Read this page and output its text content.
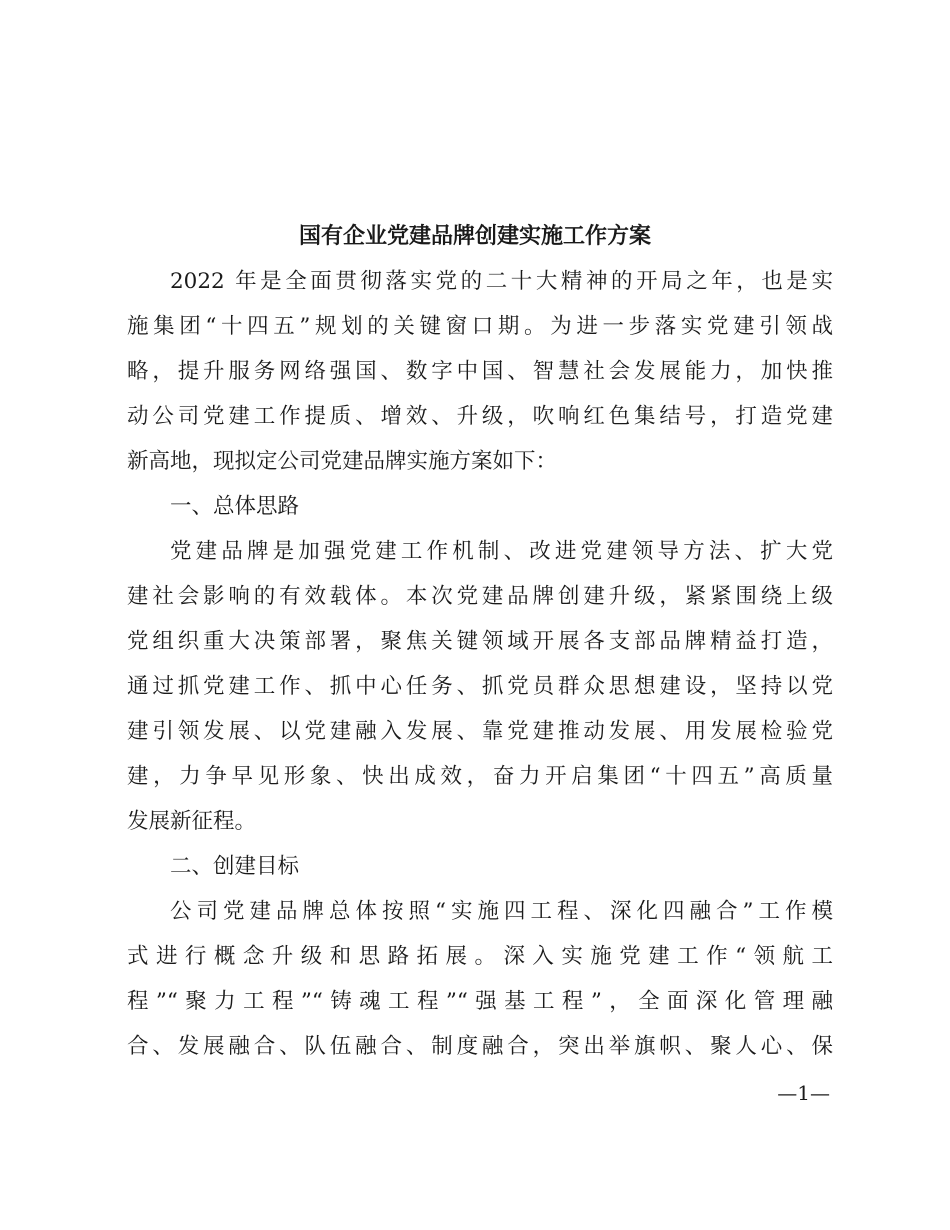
国有企业党建品牌创建实施工作方案
2022 年是全面贯彻落实党的二十大精神的开局之年，也是实
施集团“十四五”规划的关键窗口期。为进一步落实党建引领战
略，提升服务网络强国、数字中国、智慧社会发展能力，加快推
动公司党建工作提质、增效、升级，吹响红色集结号，打造党建
新高地，现拟定公司党建品牌实施方案如下：
一、总体思路
党建品牌是加强党建工作机制、改进党建领导方法、扩大党
建社会影响的有效载体。本次党建品牌创建升级，紧紧围绕上级
党组织重大决策部署，聚焦关键领域开展各支部品牌精益打造，
通过抓党建工作、抓中心任务、抓党员群众思想建设，坚持以党
建引领发展、以党建融入发展、靠党建推动发展、用发展检验党
建，力争早见形象、快出成效，奋力开启集团“十四五”高质量
发展新征程。
二、创建目标
公司党建品牌总体按照“实施四工程、深化四融合”工作模
式进行概念升级和思路拓展。深入实施党建工作“领航工
程”“聚力工程”“铸魂工程”“强基工程”，全面深化管理融
合、发展融合、队伍融合、制度融合，突出举旗帜、聚人心、保
—1—
